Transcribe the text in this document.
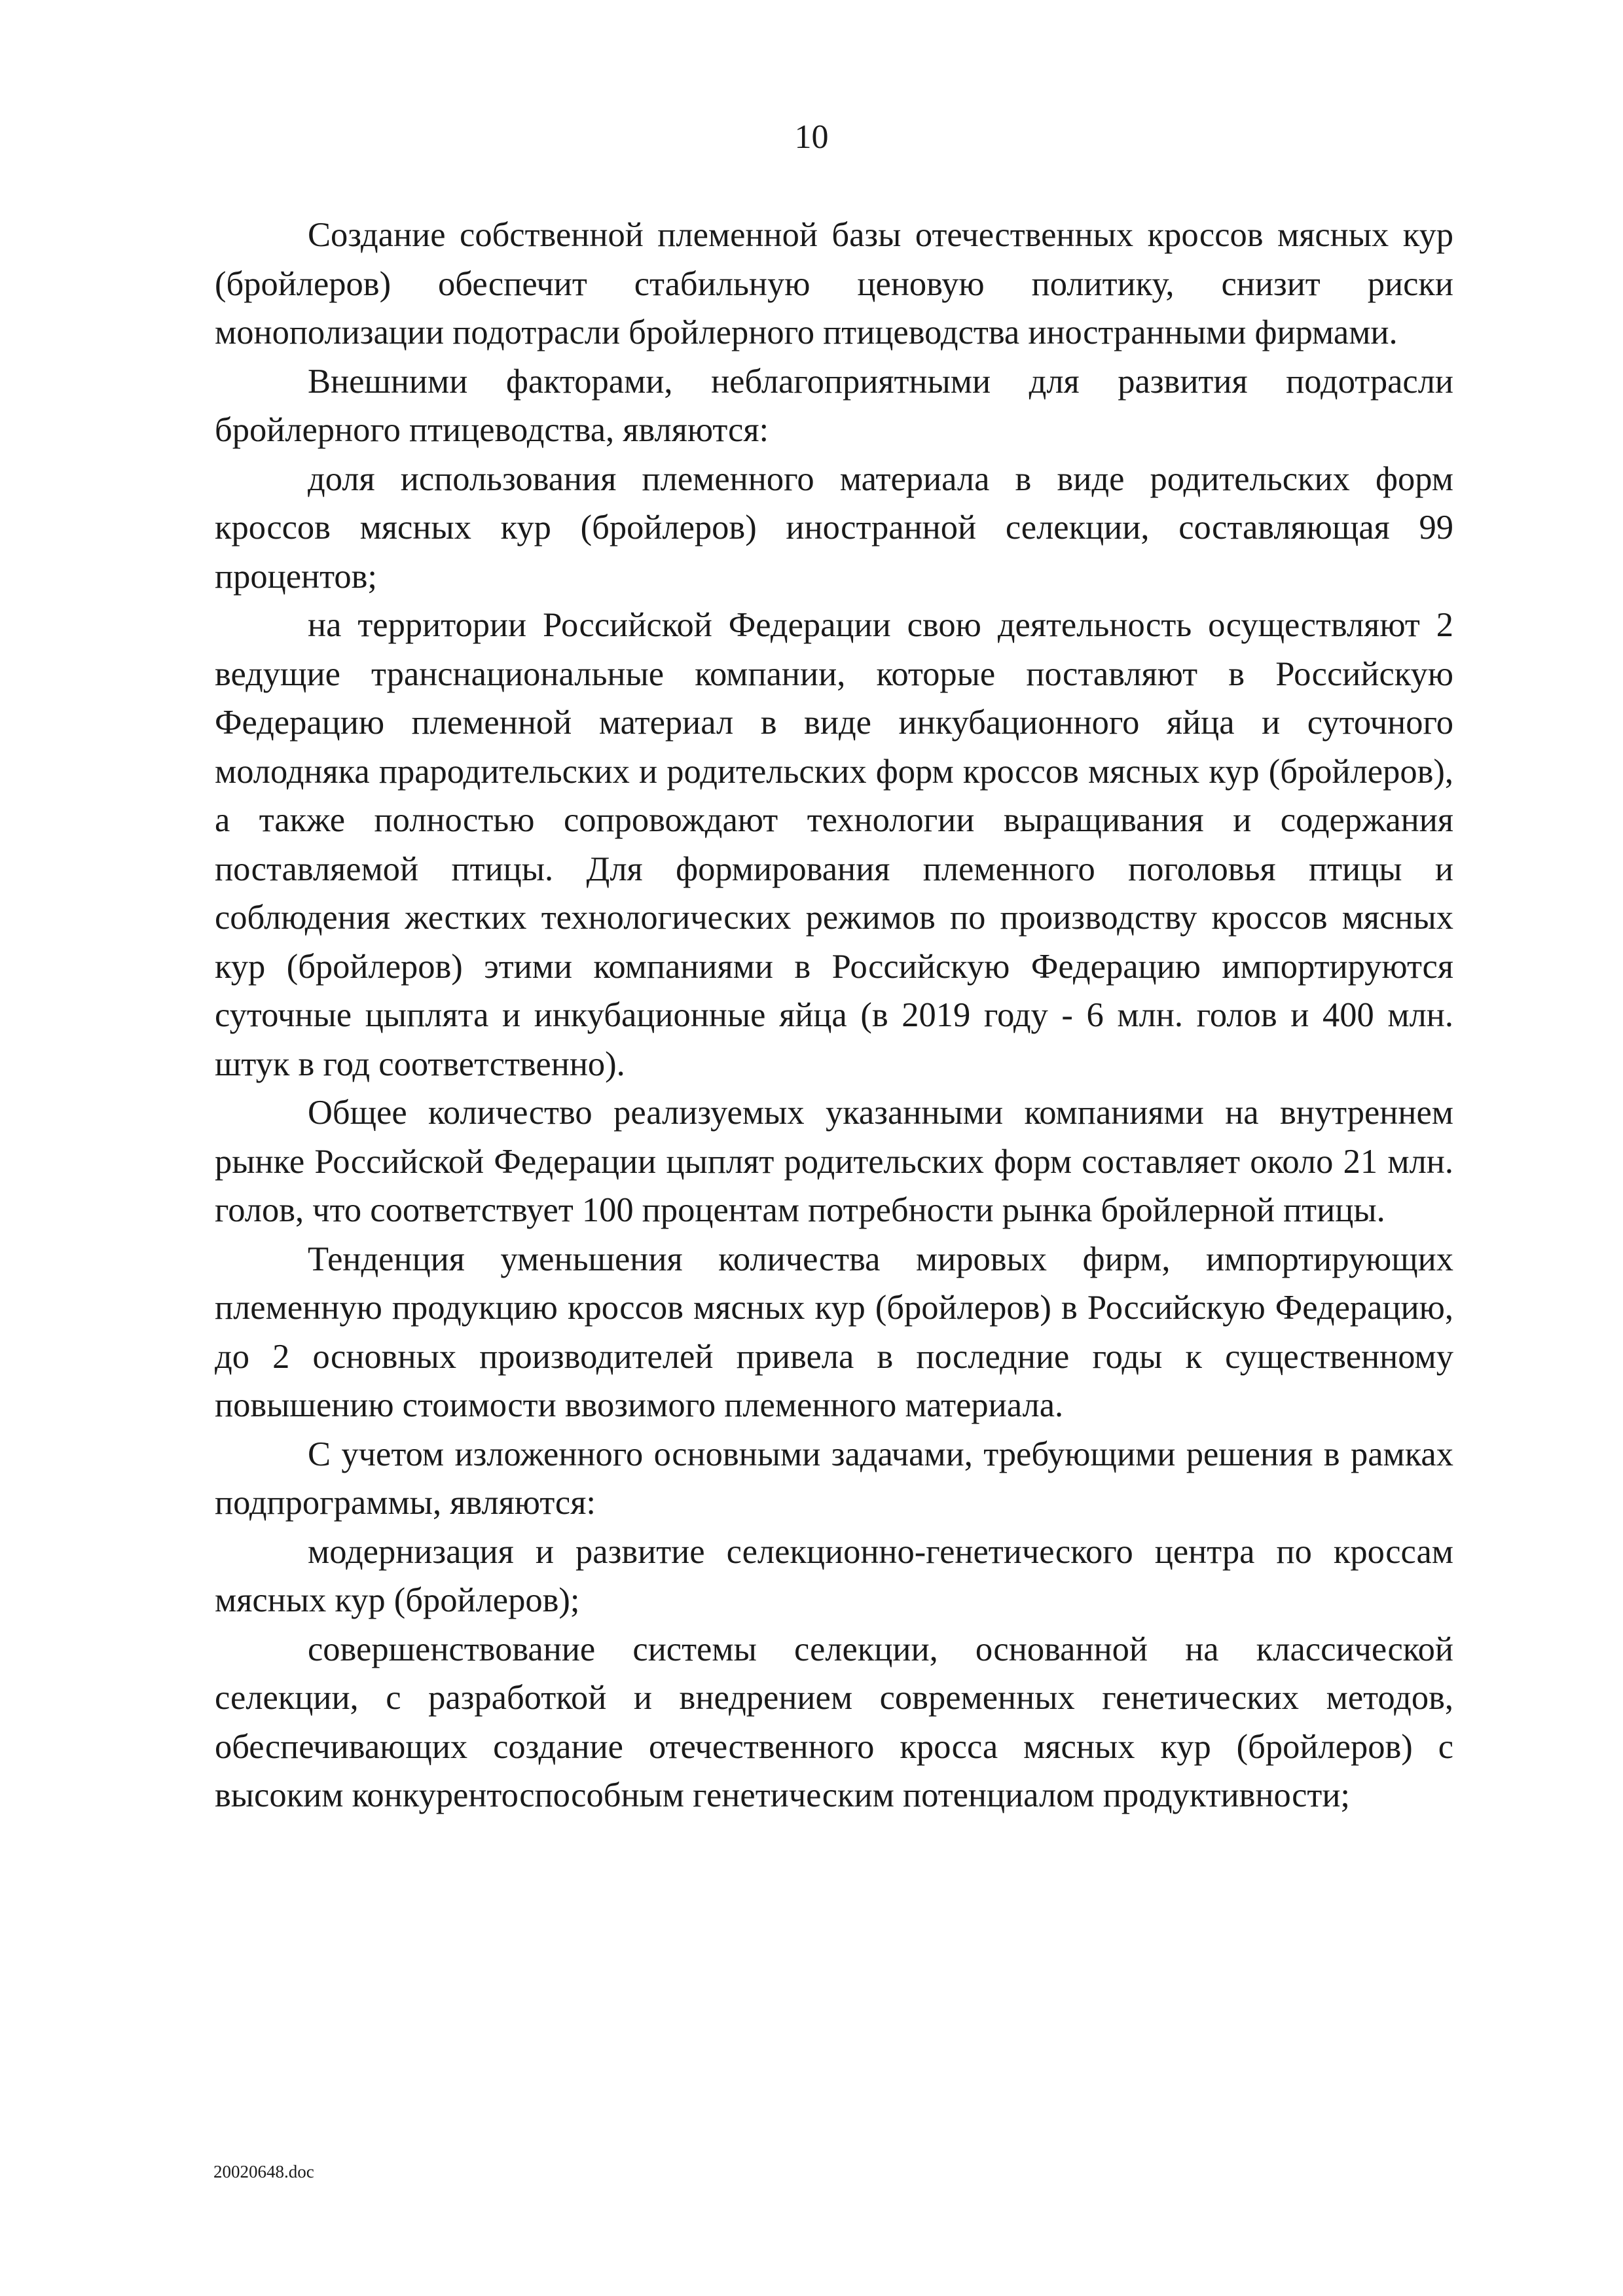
10

Создание собственной племенной базы отечественных кроссов мясных кур (бройлеров) обеспечит стабильную ценовую политику, снизит риски монополизации подотрасли бройлерного птицеводства иностранными фирмами.

Внешними факторами, неблагоприятными для развития подотрасли бройлерного птицеводства, являются:

доля использования племенного материала в виде родительских форм кроссов мясных кур (бройлеров) иностранной селекции, составляющая 99 процентов;

на территории Российской Федерации свою деятельность осуществляют 2 ведущие транснациональные компании, которые поставляют в Российскую Федерацию племенной материал в виде инкубационного яйца и суточного молодняка прародительских и родительских форм кроссов мясных кур (бройлеров), а также полностью сопровождают технологии выращивания и содержания поставляемой птицы. Для формирования племенного поголовья птицы и соблюдения жестких технологических режимов по производству кроссов мясных кур (бройлеров) этими компаниями в Российскую Федерацию импортируются суточные цыплята и инкубационные яйца (в 2019 году - 6 млн. голов и 400 млн. штук в год соответственно).

Общее количество реализуемых указанными компаниями на внутреннем рынке Российской Федерации цыплят родительских форм составляет около 21 млн. голов, что соответствует 100 процентам потребности рынка бройлерной птицы.

Тенденция уменьшения количества мировых фирм, импортирующих племенную продукцию кроссов мясных кур (бройлеров) в Российскую Федерацию, до 2 основных производителей привела в последние годы к существенному повышению стоимости ввозимого племенного материала.

С учетом изложенного основными задачами, требующими решения в рамках подпрограммы, являются:

модернизация и развитие селекционно-генетического центра по кроссам мясных кур (бройлеров);

совершенствование системы селекции, основанной на классической селекции, с разработкой и внедрением современных генетических методов, обеспечивающих создание отечественного кросса мясных кур (бройлеров) с высоким конкурентоспособным генетическим потенциалом продуктивности;

20020648.doc
